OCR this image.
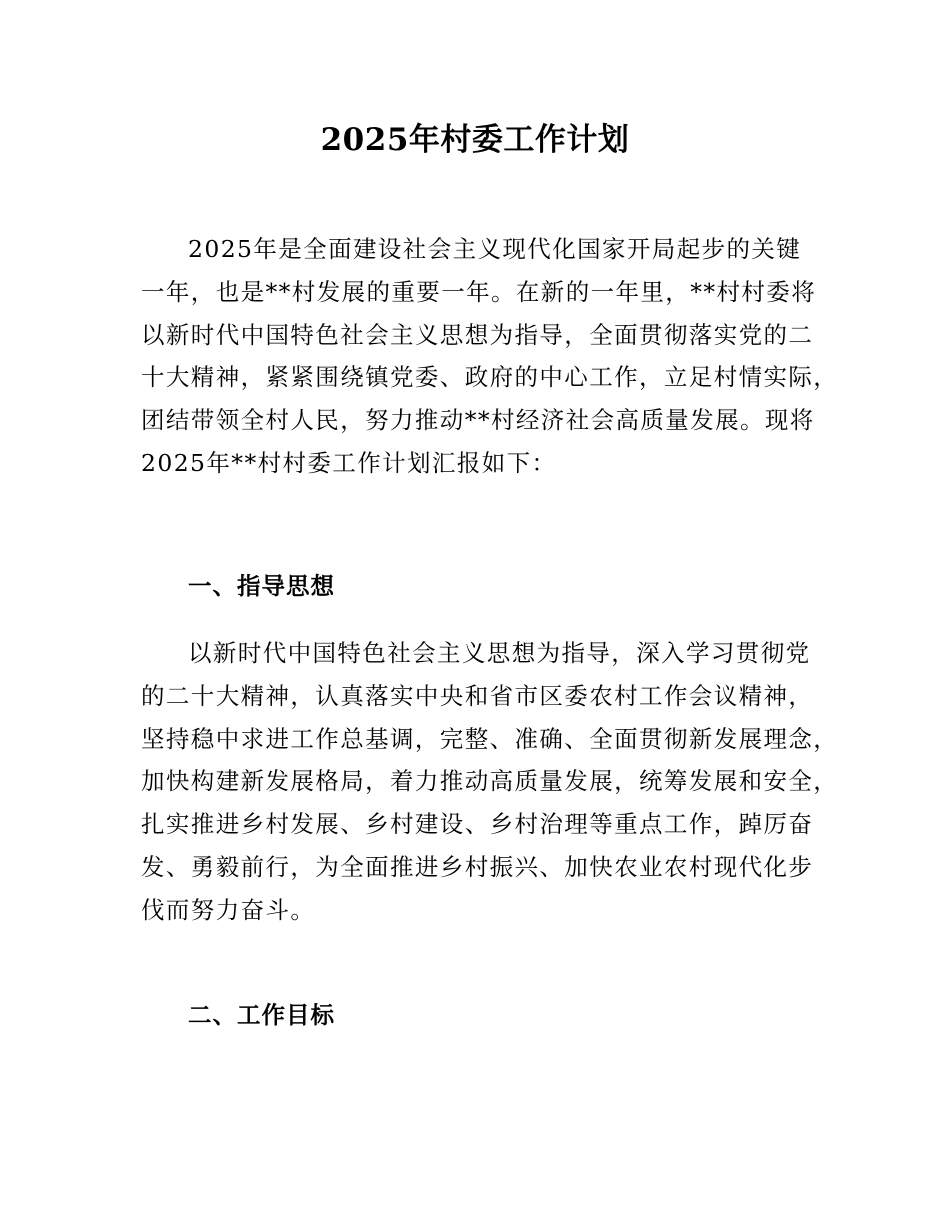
2025年村委工作计划
2025年是全面建设社会主义现代化国家开局起步的关键
一年，也是**村发展的重要一年。在新的一年里，**村村委将
以新时代中国特色社会主义思想为指导，全面贯彻落实党的二
十大精神，紧紧围绕镇党委、政府的中心工作，立足村情实际，
团结带领全村人民，努力推动**村经济社会高质量发展。现将
2025年**村村委工作计划汇报如下：
一、指导思想
以新时代中国特色社会主义思想为指导，深入学习贯彻党
的二十大精神，认真落实中央和省市区委农村工作会议精神，
坚持稳中求进工作总基调，完整、准确、全面贯彻新发展理念，
加快构建新发展格局，着力推动高质量发展，统筹发展和安全，
扎实推进乡村发展、乡村建设、乡村治理等重点工作，踔厉奋
发、勇毅前行，为全面推进乡村振兴、加快农业农村现代化步
伐而努力奋斗。
二、工作目标
